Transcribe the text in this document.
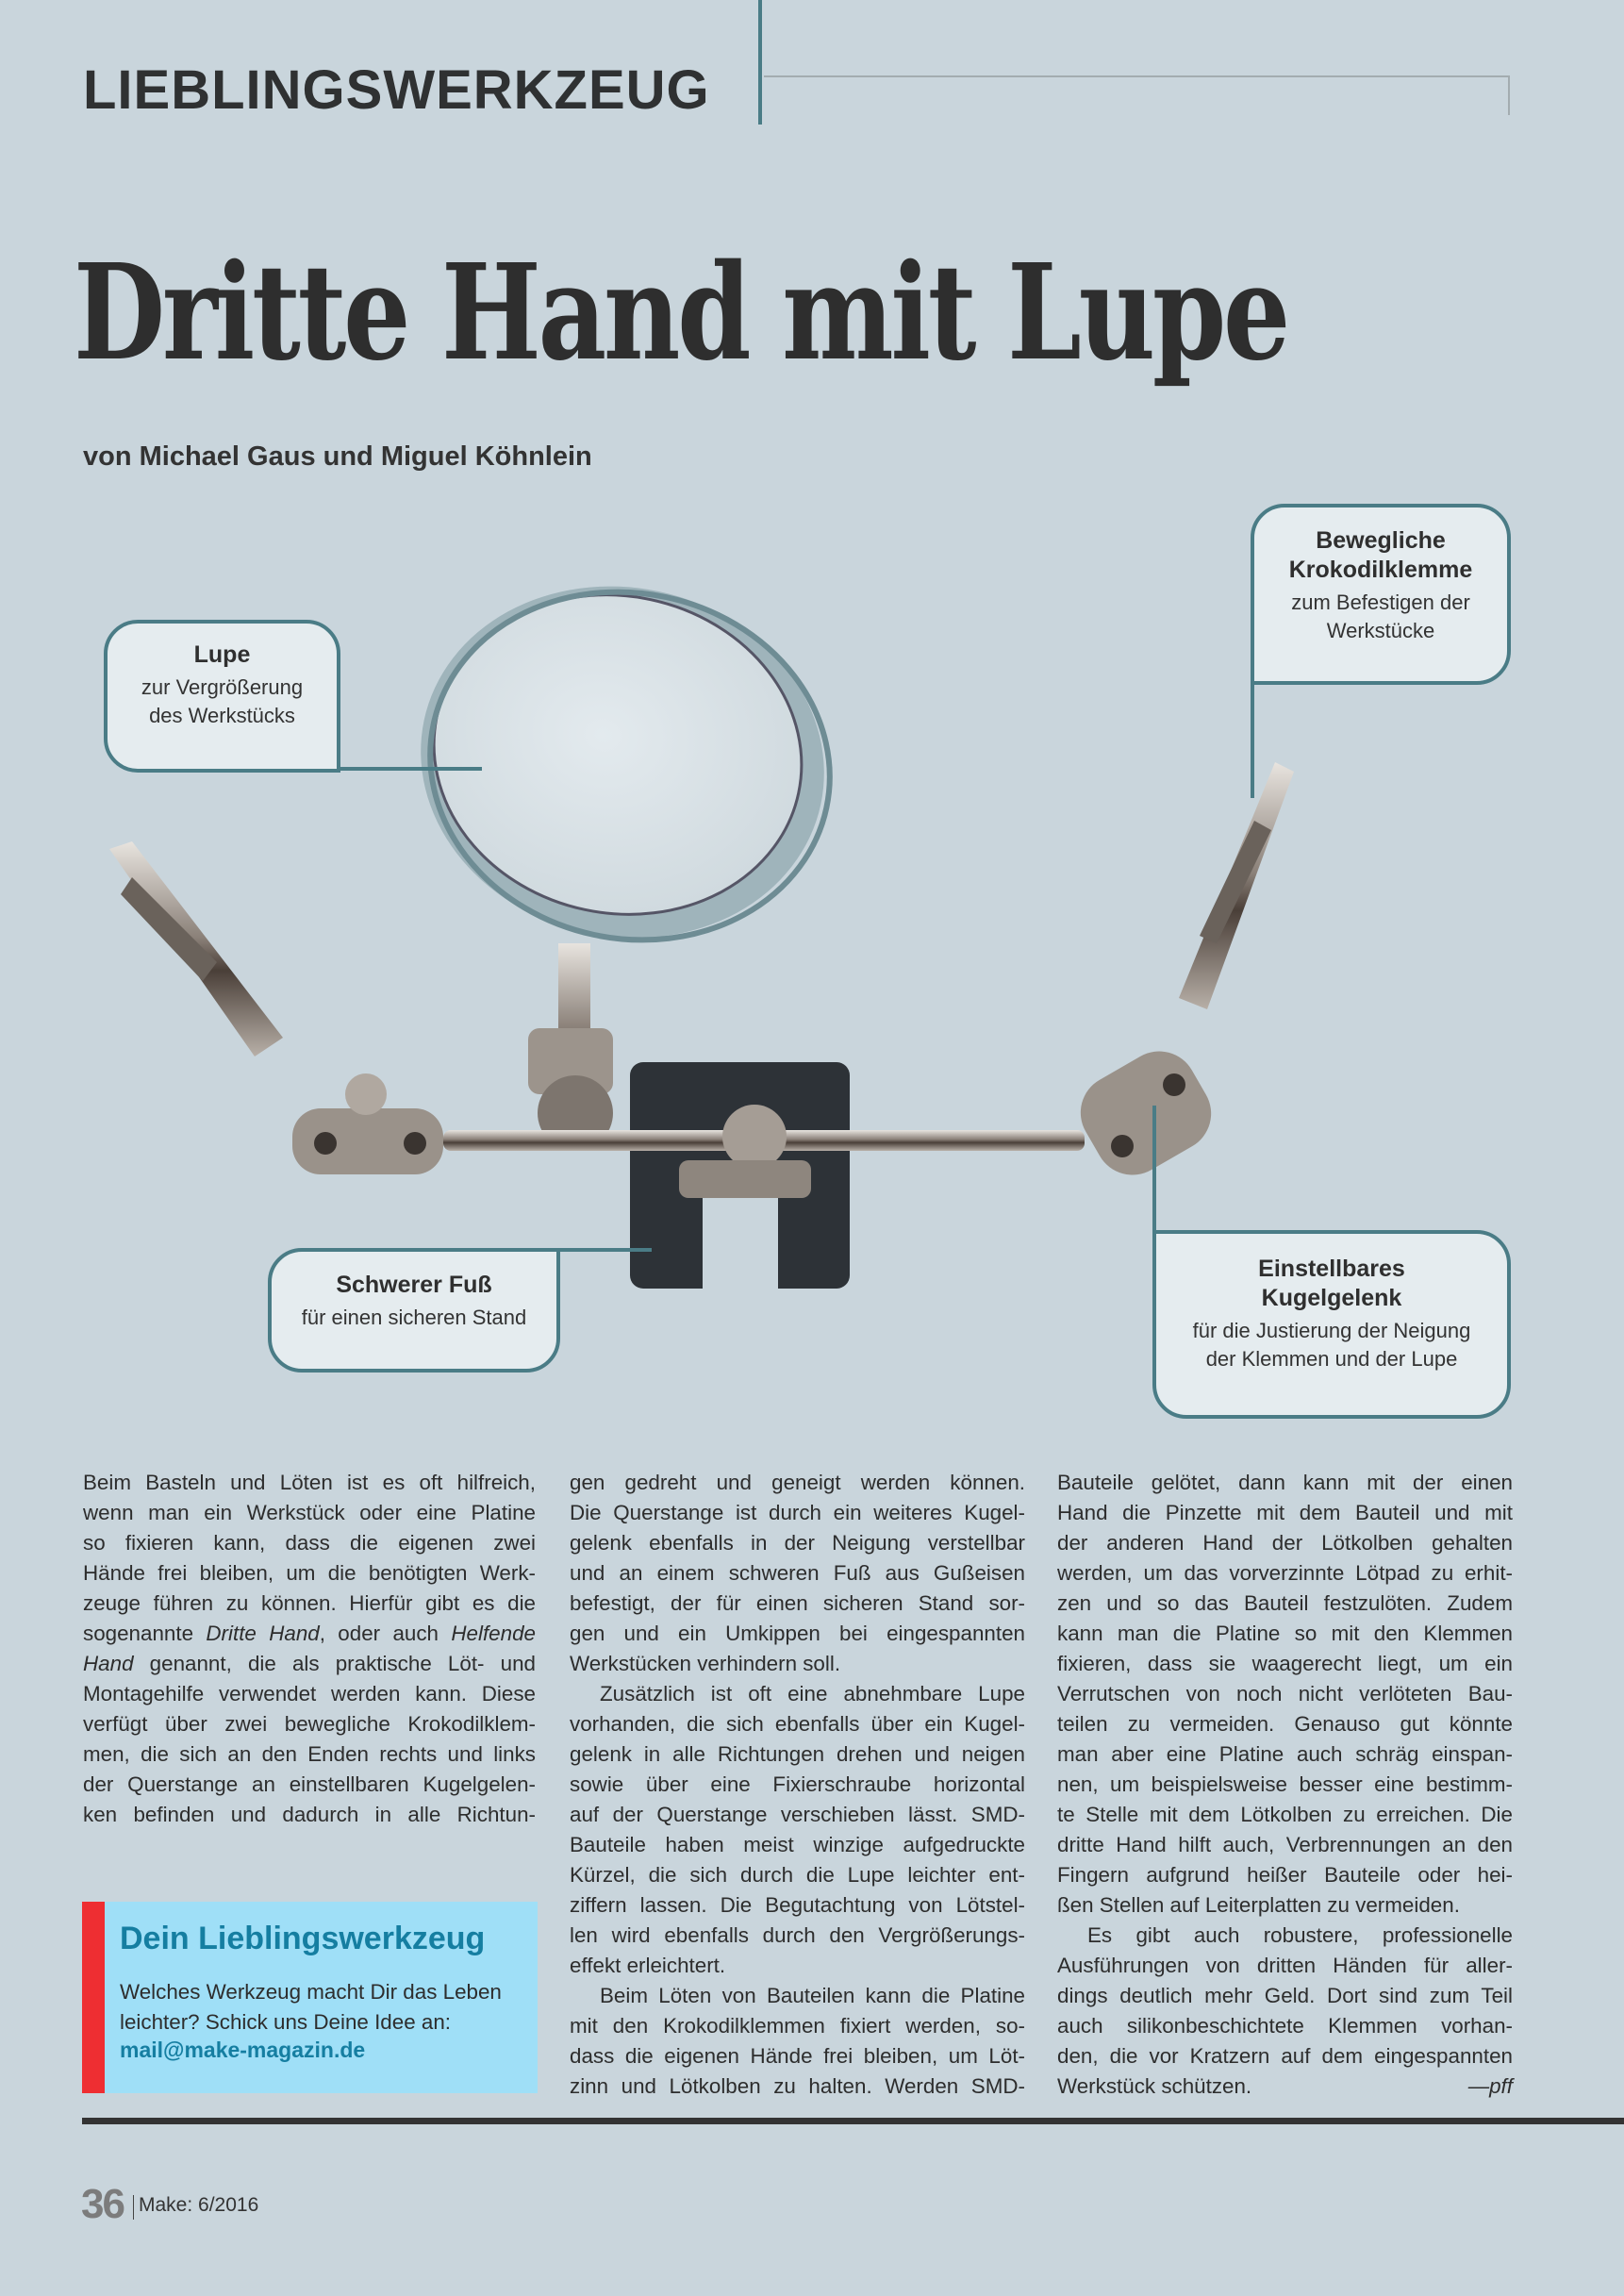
LIEBLINGSWERKZEUG
Dritte Hand mit Lupe
von Michael Gaus und Miguel Köhnlein
Lupe
zur Vergrößerung
des Werkstücks
Bewegliche
Krokodilklemme
zum Befestigen der
Werkstücke
Schwerer Fuß
für einen sicheren Stand
Einstellbares
Kugelgelenk
für die Justierung der Neigung
der Klemmen und der Lupe
Beim Basteln und Löten ist es oft hilfreich,
wenn man ein Werkstück oder eine Platine
so fixieren kann, dass die eigenen zwei
Hände frei bleiben, um die benötigten Werk-
zeuge führen zu können. Hierfür gibt es die
sogenannte Dritte Hand, oder auch Helfende
Hand genannt, die als praktische Löt- und
Montagehilfe verwendet werden kann. Diese
verfügt über zwei bewegliche Krokodilklem-
men, die sich an den Enden rechts und links
der Querstange an einstellbaren Kugelgelen-
ken befinden und dadurch in alle Richtun-
gen gedreht und geneigt werden können.
Die Querstange ist durch ein weiteres Kugel-
gelenk ebenfalls in der Neigung verstellbar
und an einem schweren Fuß aus Gußeisen
befestigt, der für einen sicheren Stand sor-
gen und ein Umkippen bei eingespannten
Werkstücken verhindern soll.
Zusätzlich ist oft eine abnehmbare Lupe
vorhanden, die sich ebenfalls über ein Kugel-
gelenk in alle Richtungen drehen und neigen
sowie über eine Fixierschraube horizontal
auf der Querstange verschieben lässt. SMD-
Bauteile haben meist winzige aufgedruckte
Kürzel, die sich durch die Lupe leichter ent-
ziffern lassen. Die Begutachtung von Lötstel-
len wird ebenfalls durch den Vergrößerungs-
effekt erleichtert.
Beim Löten von Bauteilen kann die Platine
mit den Krokodilklemmen fixiert werden, so-
dass die eigenen Hände frei bleiben, um Löt-
zinn und Lötkolben zu halten. Werden SMD-
Bauteile gelötet, dann kann mit der einen
Hand die Pinzette mit dem Bauteil und mit
der anderen Hand der Lötkolben gehalten
werden, um das vorverzinnte Lötpad zu erhit-
zen und so das Bauteil festzulöten. Zudem
kann man die Platine so mit den Klemmen
fixieren, dass sie waagerecht liegt, um ein
Verrutschen von noch nicht verlöteten Bau-
teilen zu vermeiden. Genauso gut könnte
man aber eine Platine auch schräg einspan-
nen, um beispielsweise besser eine bestimm-
te Stelle mit dem Lötkolben zu erreichen. Die
dritte Hand hilft auch, Verbrennungen an den
Fingern aufgrund heißer Bauteile oder hei-
ßen Stellen auf Leiterplatten zu vermeiden.
Es gibt auch robustere, professionelle
Ausführungen von dritten Händen für aller-
dings deutlich mehr Geld. Dort sind zum Teil
auch silikonbeschichtete Klemmen vorhan-
den, die vor Kratzern auf dem eingespannten
Werkstück schützen.	—pff
Dein Lieblingswerkzeug
Welches Werkzeug macht Dir das Leben
leichter? Schick uns Deine Idee an:
mail@make-magazin.de
36 Make: 6/2016
